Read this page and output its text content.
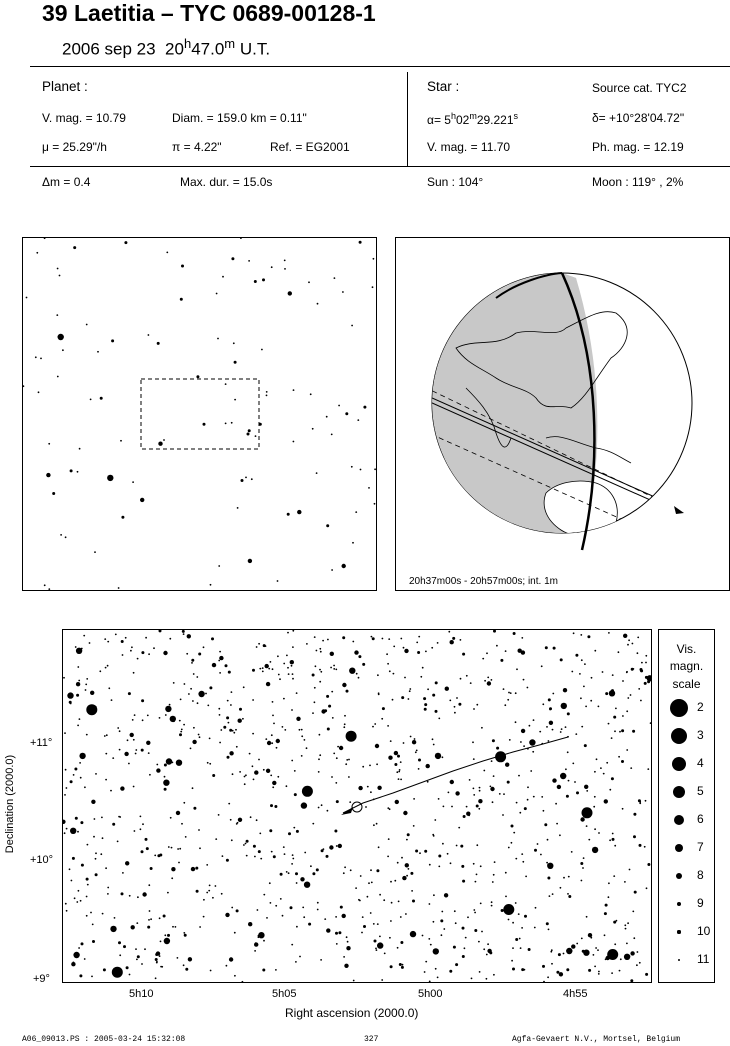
39 Laetitia – TYC 0689-00128-1
2006 sep 23 20$^h$47.0$^m$ U.T.
Planet :
V. mag. = 10.79	Diam. = 159.0 km = 0.11"
μ = 25.29"/h	π = 4.22"	Ref. = EG2001
Star :	Source cat. TYC2
$\alpha= 5^h02^m29.221^s$	δ= +10°28'04.72"
V. mag. = 11.70	Ph. mag. = 12.19
Δm = 0.4	Max. dur. = 15.0s	Sun : 104°	Moon : 119° , 2%
20h37m00s - 20h57m00s; int. 1m
Declination (2000.0)
+11°
+10°
+9°
5h10	5h05	5h00	4h55
Right ascension (2000.0)
Vis.
magn.
scale
2
3
4
5
6
7
8
9
10
11
A06_09013.PS : 2005-03-24 15:32:08	327	Agfa-Gevaert N.V., Mortsel, Belgium
